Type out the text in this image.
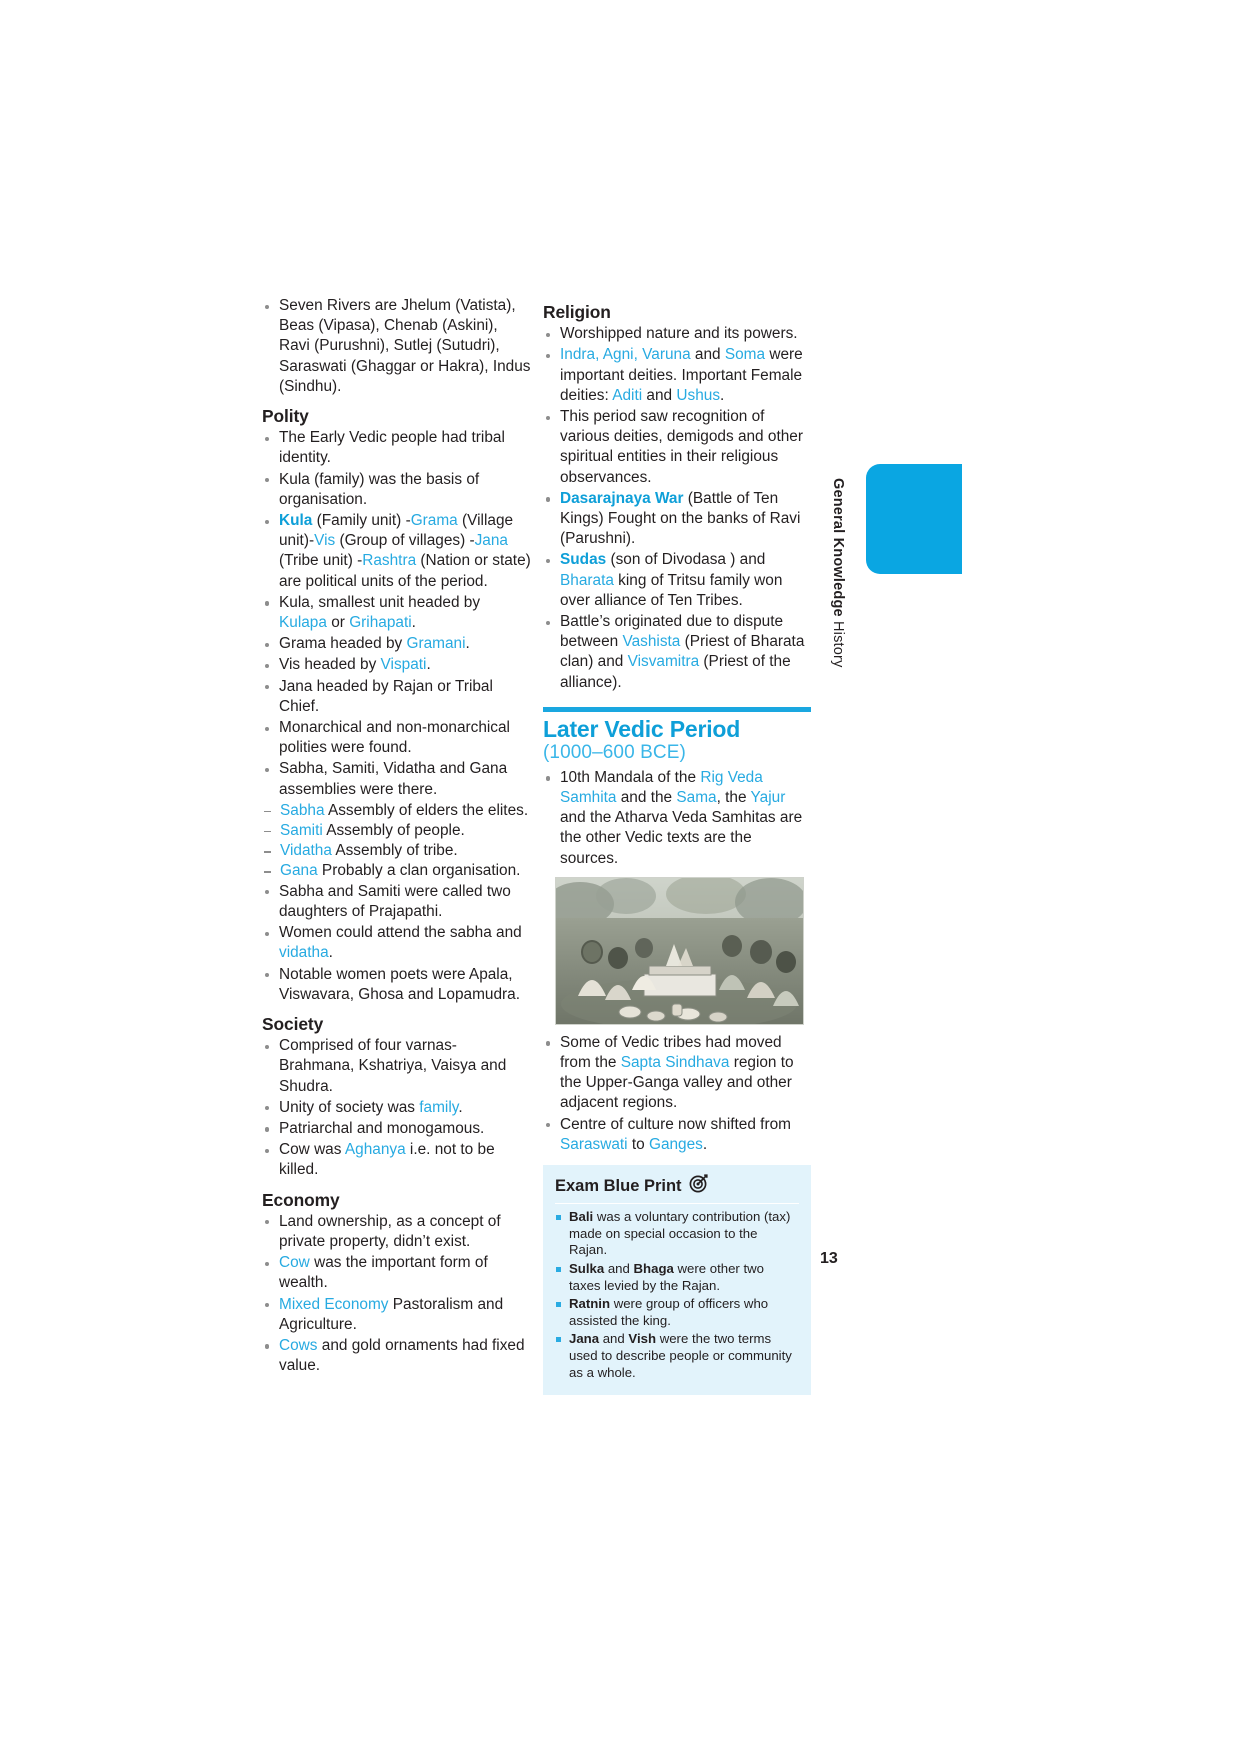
General Knowledge History
Seven Rivers are Jhelum (Vatista), Beas (Vipasa), Chenab (Askini), Ravi (Purushni), Sutlej (Sutudri), Saraswati (Ghaggar or Hakra), Indus (Sindhu).
Polity
The Early Vedic people had tribal identity.
Kula (family) was the basis of organisation.
Kula (Family unit) -Grama (Village unit)-Vis (Group of villages) -Jana (Tribe unit) -Rashtra (Nation or state) are political units of the period.
Kula, smallest unit headed by Kulapa or Grihapati.
Grama headed by Gramani.
Vis headed by Vispati.
Jana headed by Rajan or Tribal Chief.
Monarchical and non-monarchical polities were found.
Sabha, Samiti, Vidatha and Gana assemblies were there.
Sabha Assembly of elders the elites.
Samiti Assembly of people.
Vidatha Assembly of tribe.
Gana Probably a clan organisation.
Sabha and Samiti were called two daughters of Prajapathi.
Women could attend the sabha and vidatha.
Notable women poets were Apala, Viswavara, Ghosa and Lopamudra.
Society
Comprised of four varnas-Brahmana, Kshatriya, Vaisya and Shudra.
Unity of society was family.
Patriarchal and monogamous.
Cow was Aghanya i.e. not to be killed.
Economy
Land ownership, as a concept of private property, didn’t exist.
Cow was the important form of wealth.
Mixed Economy Pastoralism and Agriculture.
Cows and gold ornaments had fixed value.
Religion
Worshipped nature and its powers.
Indra, Agni, Varuna and Soma were important deities. Important Female deities: Aditi and Ushus.
This period saw recognition of various deities, demigods and other spiritual entities in their religious observances.
Dasarajnaya War (Battle of Ten Kings) Fought on the banks of Ravi (Parushni).
Sudas (son of Divodasa ) and Bharata king of Tritsu family won over alliance of Ten Tribes.
Battle’s originated due to dispute between Vashista (Priest of Bharata clan) and Visvamitra (Priest of the alliance).
Later Vedic Period
(1000–600 BCE)
10th Mandala of the Rig Veda Samhita and the Sama, the Yajur and the Atharva Veda Samhitas are the other Vedic texts are the sources.
Some of Vedic tribes had moved from the Sapta Sindhava region to the Upper-Ganga valley and other adjacent regions.
Centre of culture now shifted from Saraswati to Ganges.
Exam Blue Print
Bali was a voluntary contribution (tax) made on special occasion to the Rajan.
Sulka and Bhaga were other two taxes levied by the Rajan.
Ratnin were group of officers who assisted the king.
Jana and Vish were the two terms used to describe people or community as a whole.
13
